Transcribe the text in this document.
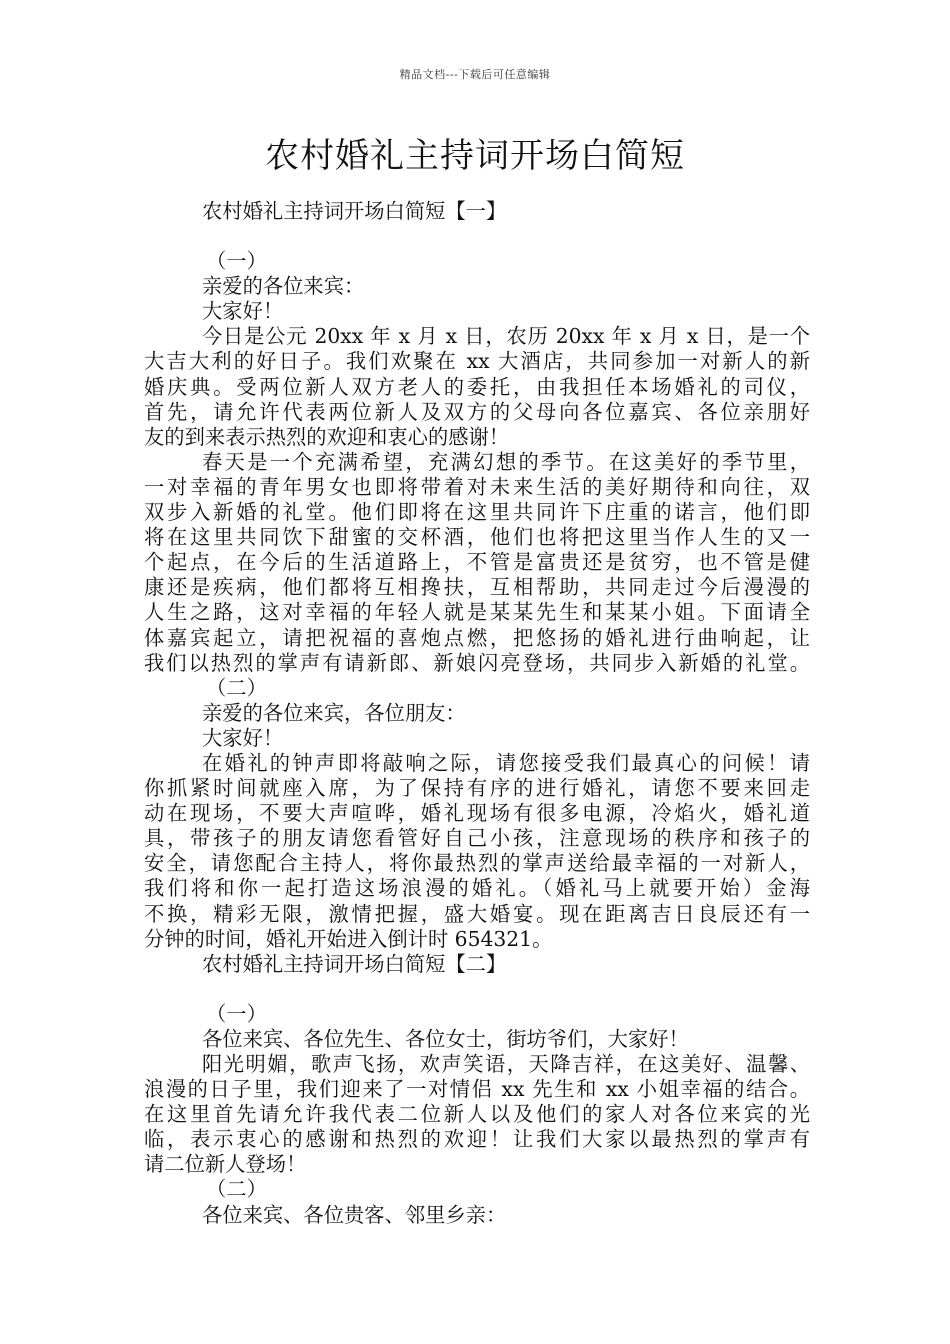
精品文档---下载后可任意编辑
农村婚礼主持词开场白简短
农村婚礼主持词开场白简短【一】
（一）
亲爱的各位来宾：
大家好！
今日是公元 20xx 年 x 月 x 日，农历 20xx 年 x 月 x 日，是一个
大吉大利的好日子。我们欢聚在 xx 大酒店，共同参加一对新人的新
婚庆典。受两位新人双方老人的委托，由我担任本场婚礼的司仪，
首先，请允许代表两位新人及双方的父母向各位嘉宾、各位亲朋好
友的到来表示热烈的欢迎和衷心的感谢！
春天是一个充满希望，充满幻想的季节。在这美好的季节里，
一对幸福的青年男女也即将带着对未来生活的美好期待和向往，双
双步入新婚的礼堂。他们即将在这里共同许下庄重的诺言，他们即
将在这里共同饮下甜蜜的交杯酒，他们也将把这里当作人生的又一
个起点，在今后的生活道路上，不管是富贵还是贫穷，也不管是健
康还是疾病，他们都将互相搀扶，互相帮助，共同走过今后漫漫的
人生之路，这对幸福的年轻人就是某某先生和某某小姐。下面请全
体嘉宾起立，请把祝福的喜炮点燃，把悠扬的婚礼进行曲响起，让
我们以热烈的掌声有请新郎、新娘闪亮登场，共同步入新婚的礼堂。
（二）
亲爱的各位来宾，各位朋友：
大家好！
在婚礼的钟声即将敲响之际，请您接受我们最真心的问候！请
你抓紧时间就座入席，为了保持有序的进行婚礼，请您不要来回走
动在现场，不要大声喧哗，婚礼现场有很多电源，冷焰火，婚礼道
具，带孩子的朋友请您看管好自己小孩，注意现场的秩序和孩子的
安全，请您配合主持人，将你最热烈的掌声送给最幸福的一对新人，
我们将和你一起打造这场浪漫的婚礼。（婚礼马上就要开始）金海
不换，精彩无限，激情把握，盛大婚宴。现在距离吉日良辰还有一
分钟的时间，婚礼开始进入倒计时 654321。
农村婚礼主持词开场白简短【二】
（一）
各位来宾、各位先生、各位女士，街坊爷们，大家好！
阳光明媚，歌声飞扬，欢声笑语，天降吉祥，在这美好、温馨、
浪漫的日子里，我们迎来了一对情侣 xx 先生和 xx 小姐幸福的结合。
在这里首先请允许我代表二位新人以及他们的家人对各位来宾的光
临，表示衷心的感谢和热烈的欢迎！让我们大家以最热烈的掌声有
请二位新人登场！
（二）
各位来宾、各位贵客、邻里乡亲：
